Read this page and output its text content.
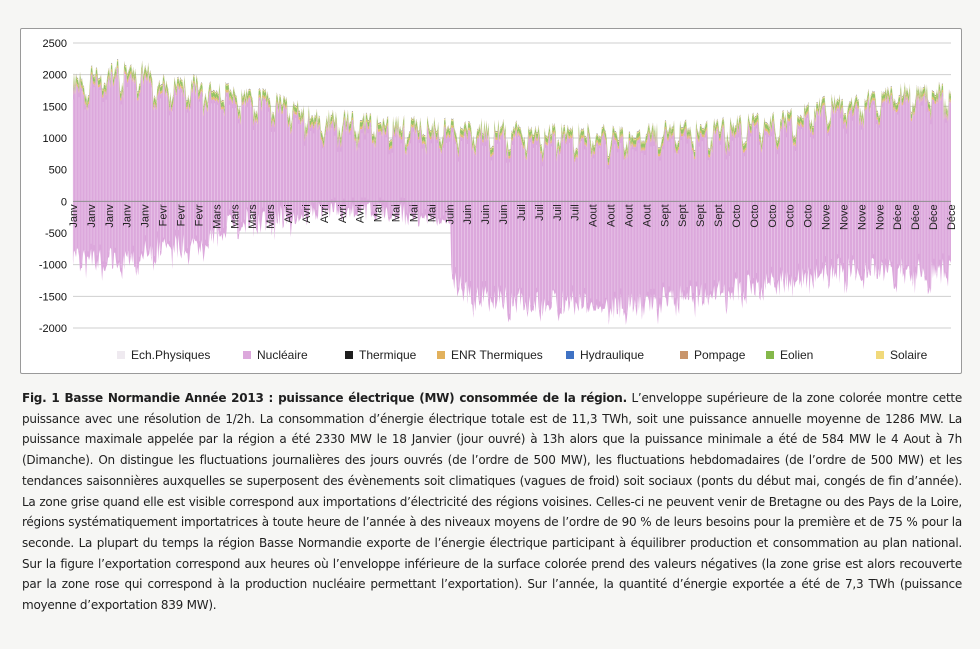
2500
2000
1500
1000
500
0
-500
-1000
-1500
-2000
Janv Janv Janv Janv Janv Fevr Fevr Fevr Mars Mars Mars Mars Avri Avri Avri Avri Avri Mai Mai Mai Mai Juin Juin Juin Juin Juil Juil Juil Juil Aout Aout Aout Aout Sept Sept Sept Sept Octo Octo Octo Octo Octo Nove Nove Nove Nove Déce Déce Déce Déce
Ech.Physiques	Nucléaire	Thermique	ENR Thermiques	Hydraulique	Pompage	Eolien	Solaire
Fig. 1 Basse Normandie Année 2013 : puissance électrique (MW) consommée de la région. L’enveloppe supérieure de la zone colorée montre cette puissance avec une résolution de 1/2h. La consommation d’énergie électrique totale est de 11,3 TWh, soit une puissance annuelle moyenne de 1286 MW. La puissance maximale appelée par la région a été 2330 MW le 18 Janvier (jour ouvré) à 13h alors que la puissance minimale a été de 584 MW le 4 Aout à 7h (Dimanche). On distingue les fluctuations journalières des jours ouvrés (de l’ordre de 500 MW), les fluctuations hebdomadaires (de l’ordre de 500 MW) et les tendances saisonnières auxquelles se superposent des évènements soit climatiques (vagues de froid) soit sociaux (ponts du début mai, congés de fin d’année). La zone grise quand elle est visible correspond aux importations d’électricité des régions voisines. Celles-ci ne peuvent venir de Bretagne ou des Pays de la Loire, régions systématiquement importatrices à toute heure de l’année à des niveaux moyens de l’ordre de 90 % de leurs besoins pour la première et de 75 % pour la seconde. La plupart du temps la région Basse Normandie exporte de l’énergie électrique participant à équilibrer production et consommation au plan national. Sur la figure l’exportation correspond aux heures où l’enveloppe inférieure de la surface colorée prend des valeurs négatives (la zone grise est alors recouverte par la zone rose qui correspond à la production nucléaire permettant l’exportation). Sur l’année, la quantité d’énergie exportée a été de 7,3 TWh (puissance moyenne d’exportation 839 MW).
